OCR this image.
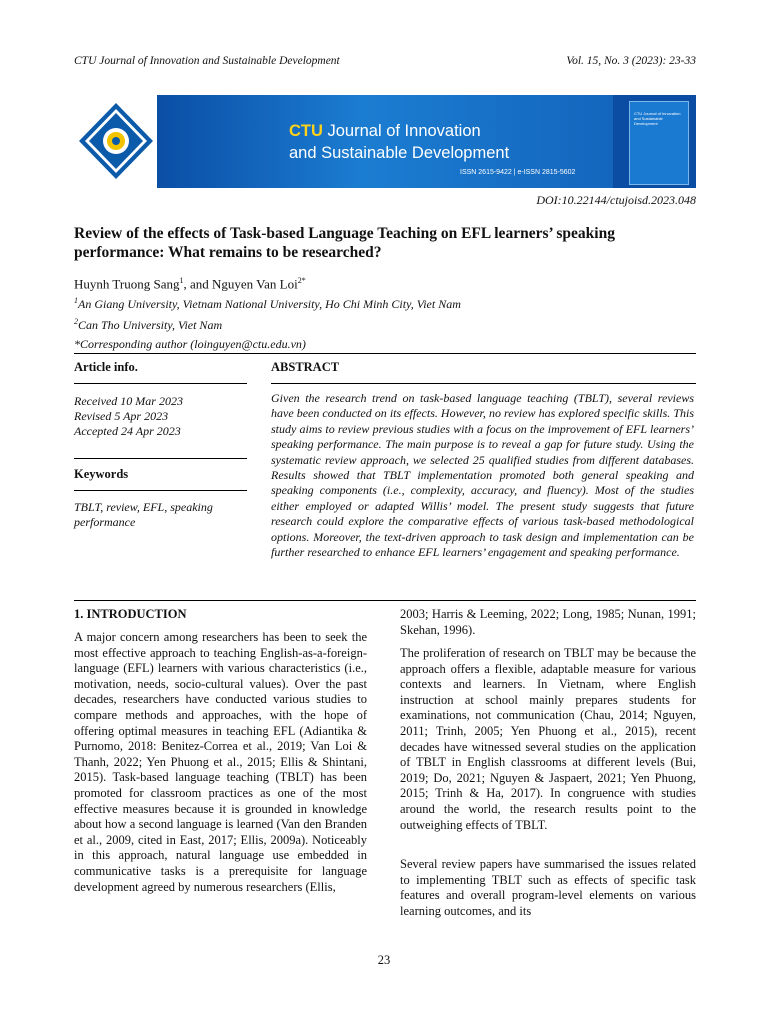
CTU Journal of Innovation and Sustainable Development	Vol. 15, No. 3 (2023): 23-33
CTU Journal of Innovation
and Sustainable Development
ISSN 2615-9422 | e-ISSN 2815-5602
CTU Journal of Innovation and Sustainable Development
DOI:10.22144/ctujoisd.2023.048
Review of the effects of Task-based Language Teaching on EFL learners’ speaking performance: What remains to be researched?
Huynh Truong Sang$^1$, and Nguyen Van Loi$^{2*}$
$^1$An Giang University, Vietnam National University, Ho Chi Minh City, Viet Nam
$^2$Can Tho University, Viet Nam
*Corresponding author (loinguyen@ctu.edu.vn)
Article info.	ABSTRACT
Received 10 Mar 2023
Revised 5 Apr 2023
Accepted 24 Apr 2023
Keywords
TBLT, review, EFL, speaking performance

Given the research trend on task-based language teaching (TBLT), several reviews have been conducted on its effects. However, no review has explored specific skills. This study aims to review previous studies with a focus on the improvement of EFL learners’ speaking performance. The main purpose is to reveal a gap for future study. Using the systematic review approach, we selected 25 qualified studies from different databases. Results showed that TBLT implementation promoted both general speaking and speaking components (i.e., complexity, accuracy, and fluency). Most of the studies either employed or adapted Willis’ model. The present study suggests that future research could explore the comparative effects of various task-based methodological options. Moreover, the text-driven approach to task design and implementation can be further researched to enhance EFL learners’ engagement and speaking performance.

1. INTRODUCTION

A major concern among researchers has been to seek the most effective approach to teaching English-as-a-foreign-language (EFL) learners with various characteristics (i.e., motivation, needs, socio-cultural values). Over the past decades, researchers have conducted various studies to compare methods and approaches, with the hope of offering optimal measures in teaching EFL (Adiantika & Purnomo, 2018: Benitez-Correa et al., 2019; Van Loi & Thanh, 2022; Yen Phuong et al., 2015; Ellis & Shintani, 2015). Task-based language teaching (TBLT) has been promoted for classroom practices as one of the most effective measures because it is grounded in knowledge about how a second language is learned (Van den Branden et al., 2009, cited in East, 2017; Ellis, 2009a). Noticeably in this approach, natural language use embedded in communicative tasks is a prerequisite for language development agreed by numerous researchers (Ellis,

2003; Harris & Leeming, 2022; Long, 1985; Nunan, 1991; Skehan, 1996).

The proliferation of research on TBLT may be because the approach offers a flexible, adaptable measure for various contexts and learners. In Vietnam, where English instruction at school mainly prepares students for examinations, not communication (Chau, 2014; Nguyen, 2011; Trinh, 2005; Yen Phuong et al., 2015), recent decades have witnessed several studies on the application of TBLT in English classrooms at different levels (Bui, 2019; Do, 2021; Nguyen & Jaspaert, 2021; Yen Phuong, 2015; Trinh & Ha, 2017). In congruence with studies around the world, the research results point to the outweighing effects of TBLT.

Several review papers have summarised the issues related to implementing TBLT such as effects of specific task features and overall program-level elements on various learning outcomes, and its

23
